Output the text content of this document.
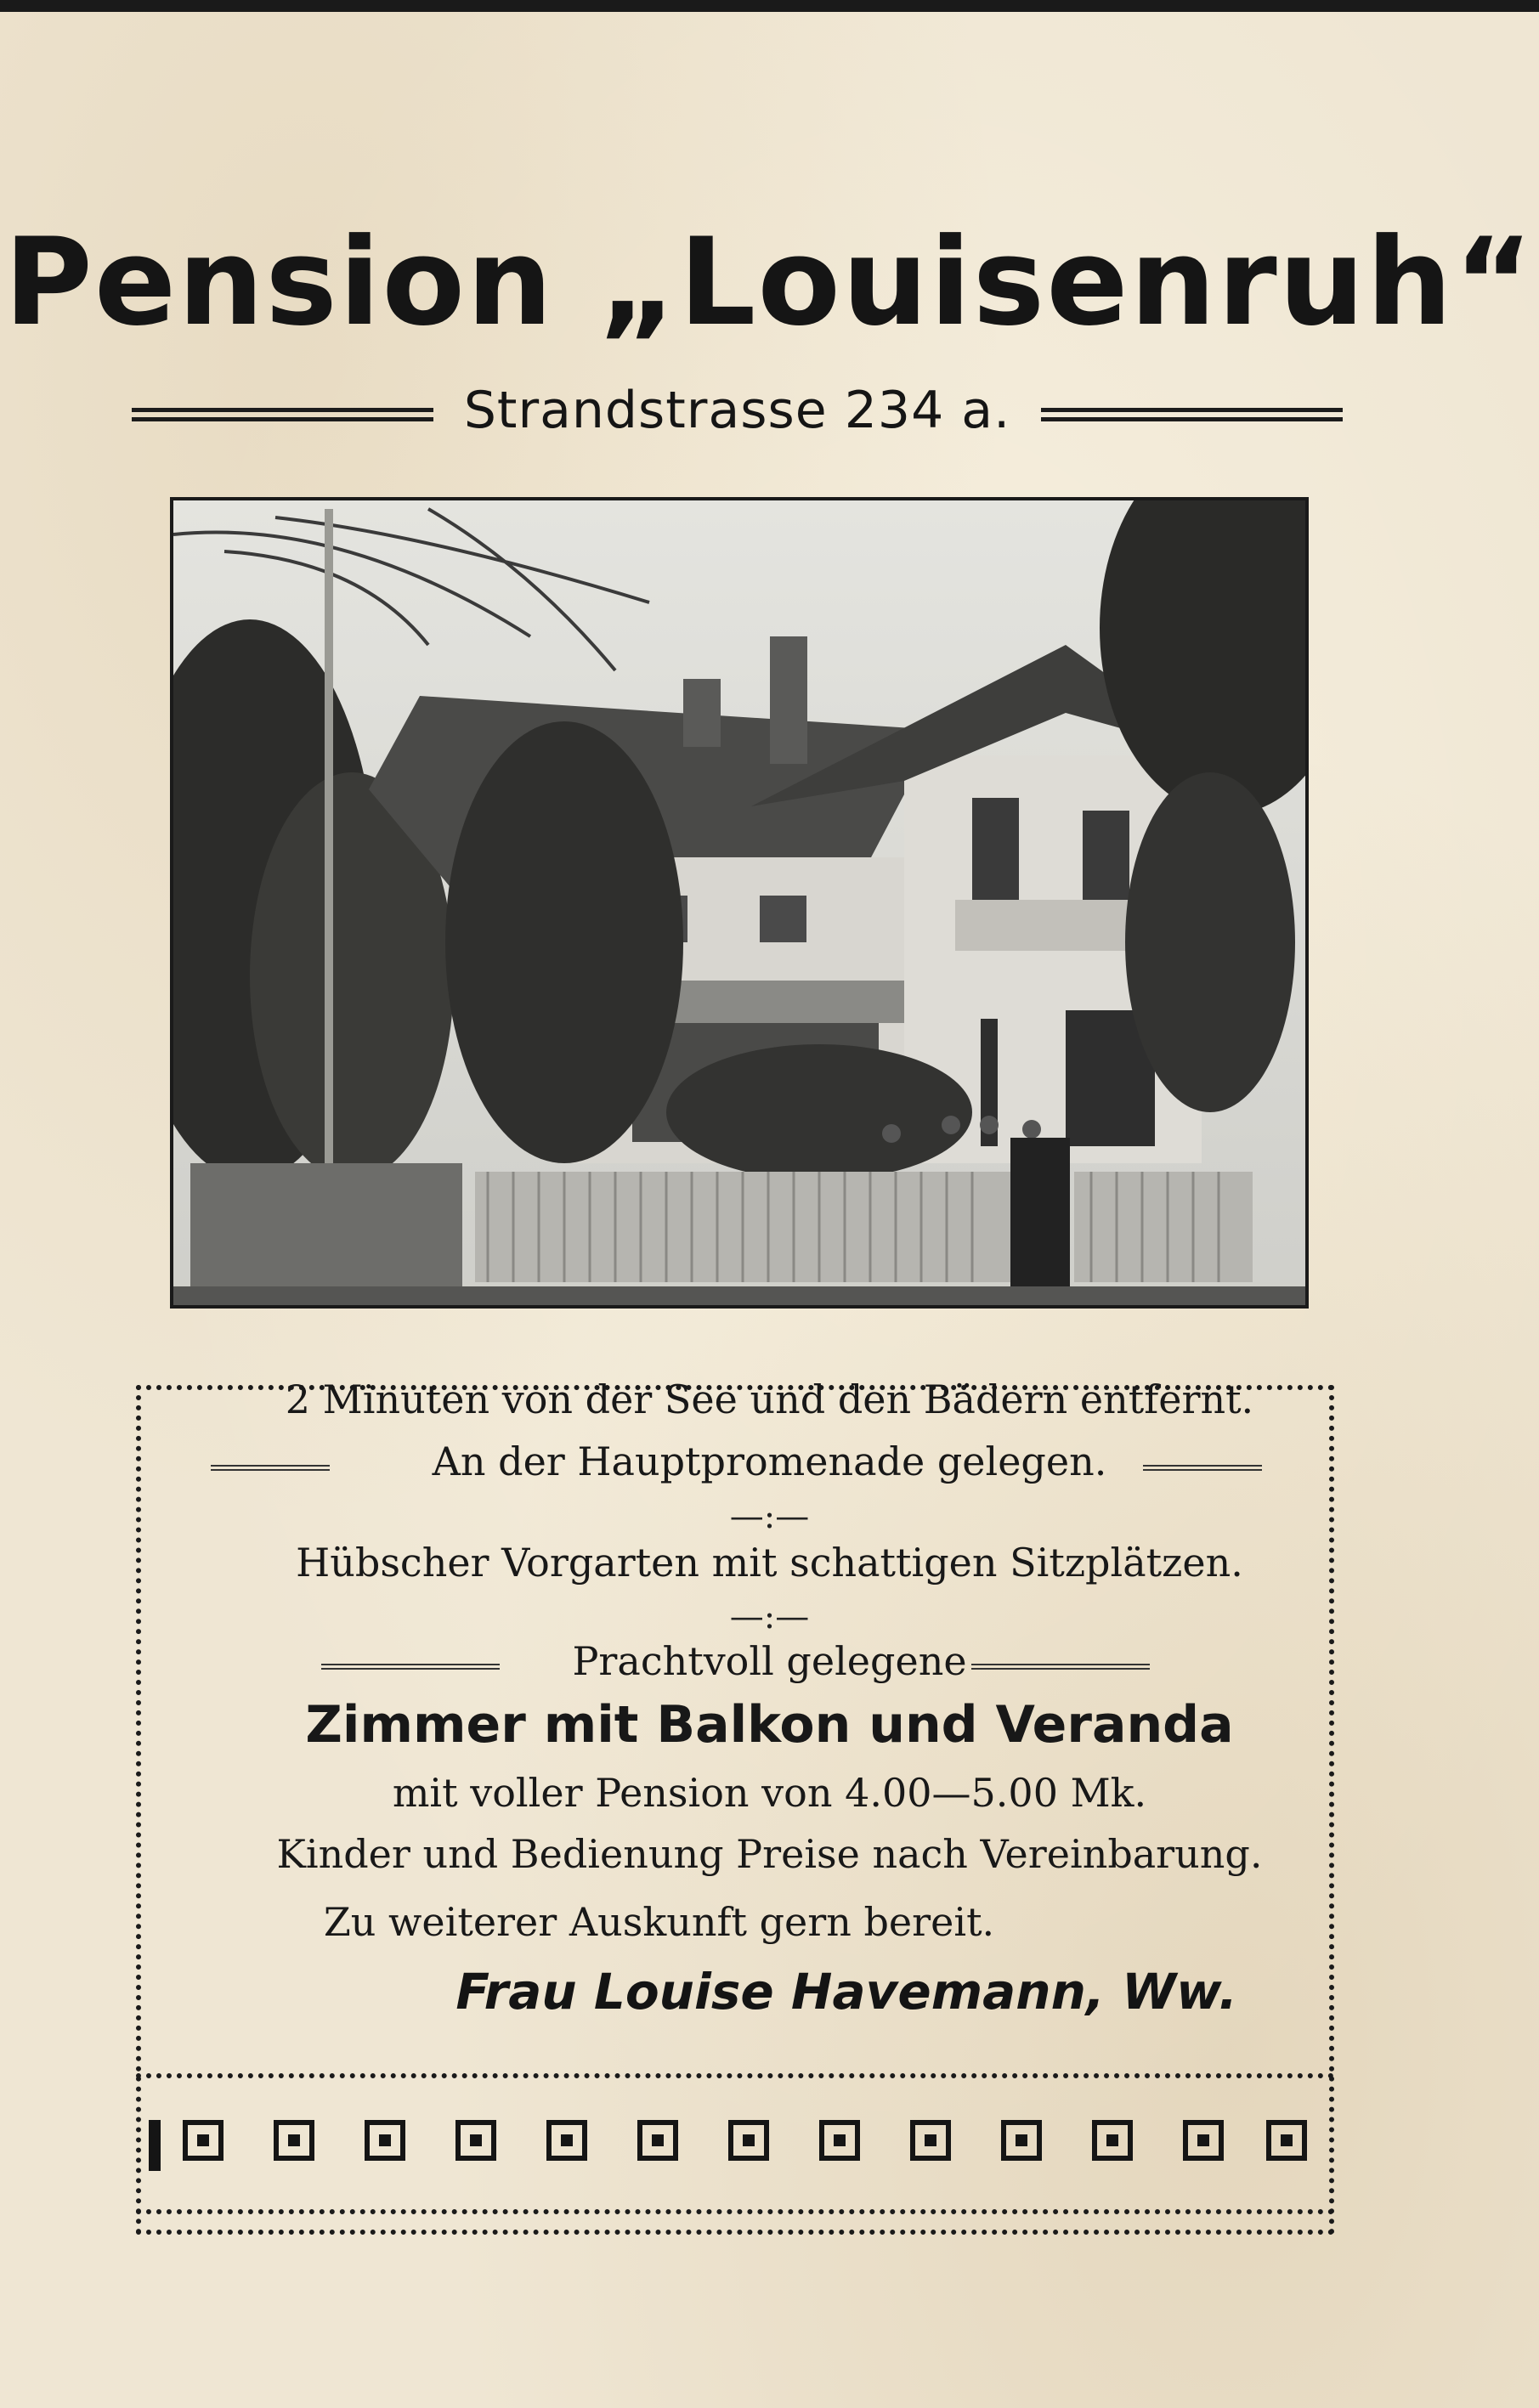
Pension „Louisenruh“
Strandstrasse 234 a.
2 Minuten von der See und den Bädern entfernt.
An der Hauptpromenade gelegen.
—:—
Hübscher Vorgarten mit schattigen Sitzplätzen.
—:—
Prachtvoll gelegene
Zimmer mit Balkon und Veranda
mit voller Pension von 4.00—5.00 Mk.
Kinder und Bedienung Preise nach Vereinbarung.
Zu weiterer Auskunft gern bereit.
Frau Louise Havemann, Ww.
